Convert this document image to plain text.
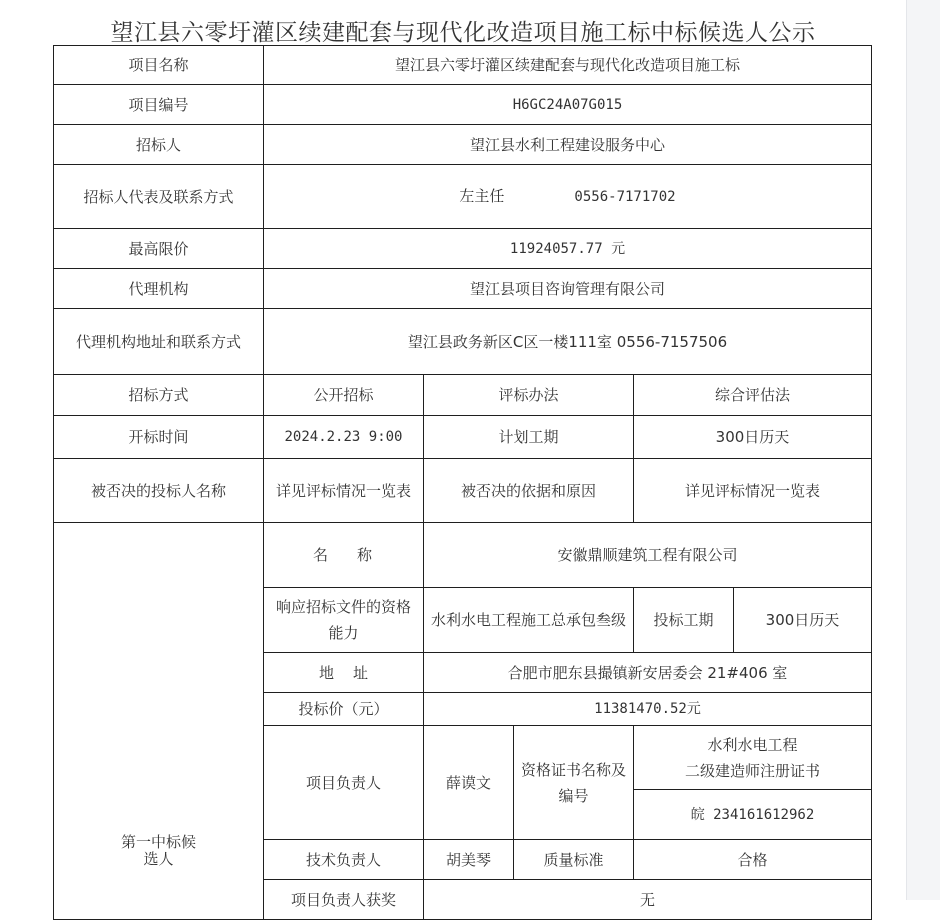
望江县六零圩灌区续建配套与现代化改造项目施工标中标候选人公示
项目名称	望江县六零圩灌区续建配套与现代化改造项目施工标				
项目编号	H6GC24A07G015				
招标人	望江县水利工程建设服务中心				
招标人代表及联系方式	左主任 0556-7171702				
最高限价	11924057.77 元				
代理机构	望江县项目咨询管理有限公司				
代理机构地址和联系方式	望江县政务新区C区一楼111室 0556-7157506				
招标方式	公开招标	评标办法		综合评估法	
开标时间	2024.2.23 9:00	计划工期		300日历天	
被否决的投标人名称	详见评标情况一览表	被否决的依据和原因		详见评标情况一览表	

第一中标候选人	名    称	安徽鼎顺建筑工程有限公司			
	响应招标文件的资格能力	水利水电工程施工总承包叁级		投标工期	300日历天
	地    址	合肥市肥东县撮镇新安居委会 21#406 室			
	投标价（元）	11381470.52元			
	项目负责人	薛谟文	资格证书名称及编号	水利水电工程
二级建造师注册证书	

				皖 234161612962	
	技术负责人	胡美琴	质量标准	合格	
	项目负责人获奖	无			
